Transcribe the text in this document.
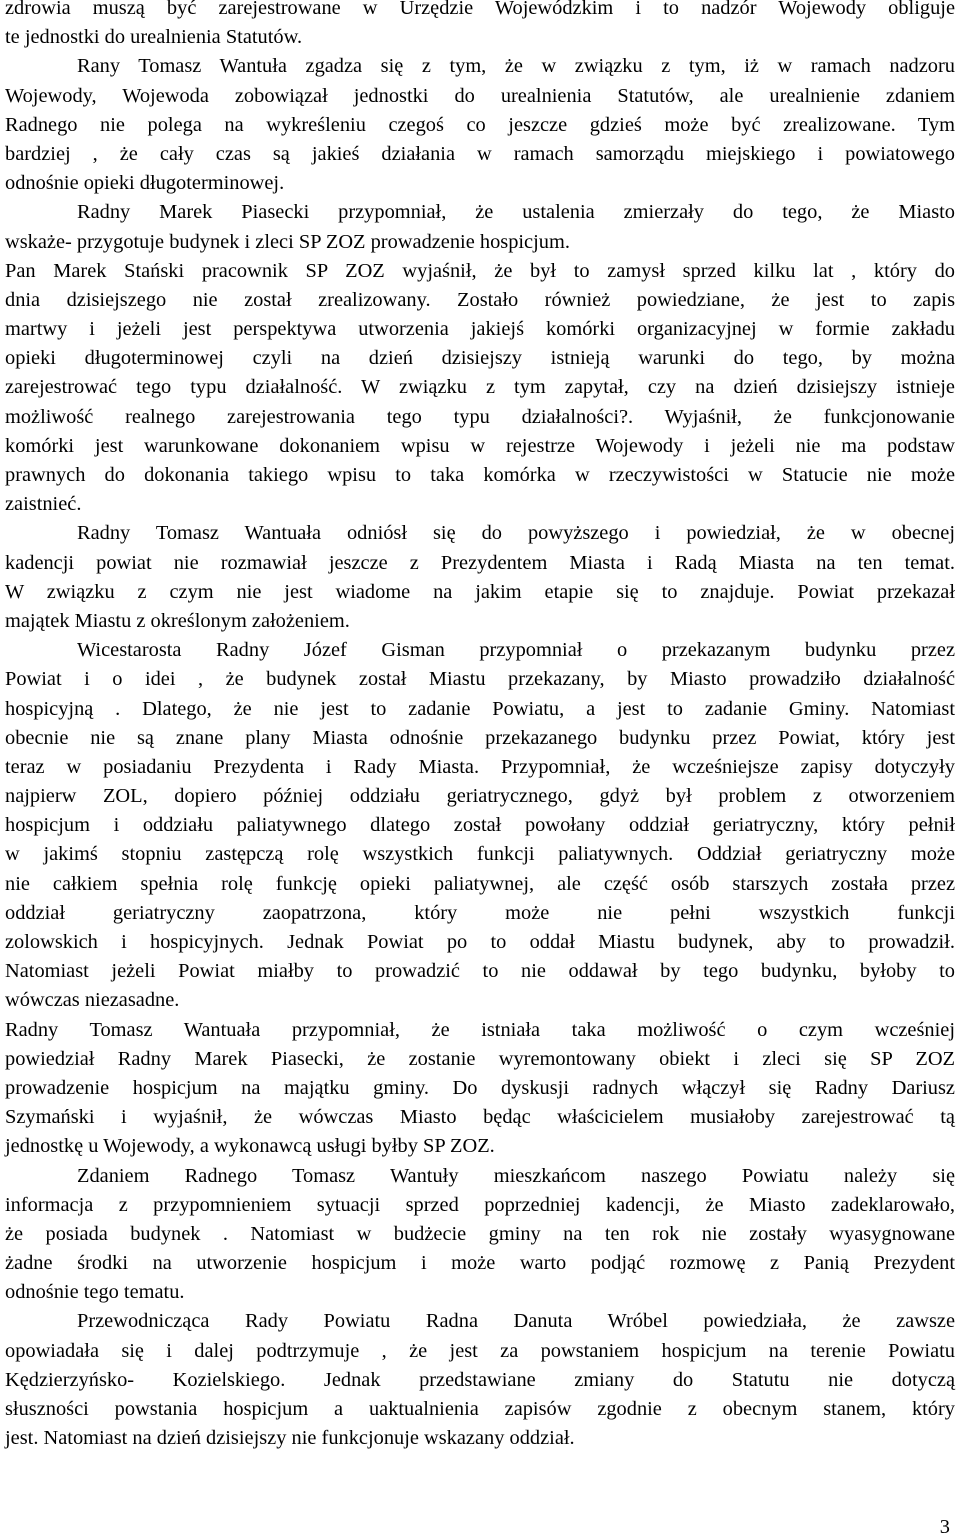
zdrowia muszą być zarejestrowane w Urzędzie Wojewódzkim i to nadzór Wojewody obliguje

te jednostki do urealnienia Statutów.

Rany Tomasz Wantuła zgadza się z tym, że w związku z tym, iż w ramach nadzoru

Wojewody, Wojewoda zobowiązał jednostki do urealnienia Statutów, ale urealnienie zdaniem

Radnego nie polega na wykreśleniu czegoś co jeszcze gdzieś może być zrealizowane. Tym

bardziej , że cały czas są jakieś działania w ramach samorządu miejskiego i powiatowego

odnośnie opieki długoterminowej.

Radny Marek Piasecki przypomniał, że ustalenia zmierzały do tego, że Miasto

wskaże- przygotuje budynek i zleci SP ZOZ prowadzenie hospicjum.

Pan Marek Stański pracownik SP ZOZ wyjaśnił, że był to zamysł sprzed kilku lat , który do

dnia dzisiejszego nie został zrealizowany. Zostało również powiedziane, że jest to zapis

martwy i jeżeli jest perspektywa utworzenia jakiejś komórki organizacyjnej w formie zakładu

opieki długoterminowej czyli na dzień dzisiejszy istnieją warunki do tego, by można

zarejestrować tego typu działalność. W związku z tym zapytał, czy na dzień dzisiejszy istnieje

możliwość realnego zarejestrowania tego typu działalności?. Wyjaśnił, że funkcjonowanie

komórki jest warunkowane dokonaniem wpisu w rejestrze Wojewody i jeżeli nie ma podstaw

prawnych do dokonania takiego wpisu to taka komórka w rzeczywistości w Statucie nie może

zaistnieć.

Radny Tomasz Wantuała odniósł się do powyższego i powiedział, że w obecnej

kadencji powiat nie rozmawiał jeszcze z Prezydentem Miasta i Radą Miasta na ten temat.

W związku z czym nie jest wiadome na jakim etapie się to znajduje. Powiat przekazał

majątek Miastu z określonym założeniem.

Wicestarosta Radny Józef Gisman przypomniał o przekazanym budynku przez

Powiat i o idei , że budynek został Miastu przekazany, by Miasto prowadziło działalność

hospicyjną . Dlatego, że nie jest to zadanie Powiatu, a jest to zadanie Gminy. Natomiast

obecnie nie są znane plany Miasta odnośnie przekazanego budynku przez Powiat, który jest

teraz w posiadaniu Prezydenta i Rady Miasta. Przypomniał, że wcześniejsze zapisy dotyczyły

najpierw ZOL, dopiero później oddziału geriatrycznego, gdyż był problem z otworzeniem

hospicjum i oddziału paliatywnego dlatego został powołany oddział geriatryczny, który pełnił

w jakimś stopniu zastępczą rolę wszystkich funkcji paliatywnych. Oddział geriatryczny może

nie całkiem spełnia rolę funkcję opieki paliatywnej, ale część osób starszych została przez

oddział geriatryczny zaopatrzona, który może nie pełni wszystkich funkcji

zolowskich i hospicyjnych. Jednak Powiat po to oddał Miastu budynek, aby to prowadził.

Natomiast jeżeli Powiat miałby to prowadzić to nie oddawał by tego budynku, byłoby to

wówczas niezasadne.

Radny Tomasz Wantuała przypomniał, że istniała taka możliwość o czym wcześniej

powiedział Radny Marek Piasecki, że zostanie wyremontowany obiekt i zleci się SP ZOZ

prowadzenie hospicjum na majątku gminy. Do dyskusji radnych włączył się Radny Dariusz

Szymański i wyjaśnił, że wówczas Miasto będąc właścicielem musiałoby zarejestrować tą

jednostkę u Wojewody, a wykonawcą usługi byłby SP ZOZ.

Zdaniem Radnego Tomasz Wantuły mieszkańcom naszego Powiatu należy się

informacja z przypomnieniem sytuacji sprzed poprzedniej kadencji, że Miasto zadeklarowało,

że posiada budynek . Natomiast w budżecie gminy na ten rok nie zostały wyasygnowane

żadne środki na utworzenie hospicjum i może warto podjąć rozmowę z Panią Prezydent

odnośnie tego tematu.

Przewodnicząca Rady Powiatu Radna Danuta Wróbel powiedziała, że zawsze

opowiadała się i dalej podtrzymuje , że jest za powstaniem hospicjum na terenie Powiatu

Kędzierzyńsko- Kozielskiego. Jednak przedstawiane zmiany do Statutu nie dotyczą

słuszności powstania hospicjum a uaktualnienia zapisów zgodnie z obecnym stanem, który

jest. Natomiast na dzień dzisiejszy nie funkcjonuje wskazany oddział.

3
